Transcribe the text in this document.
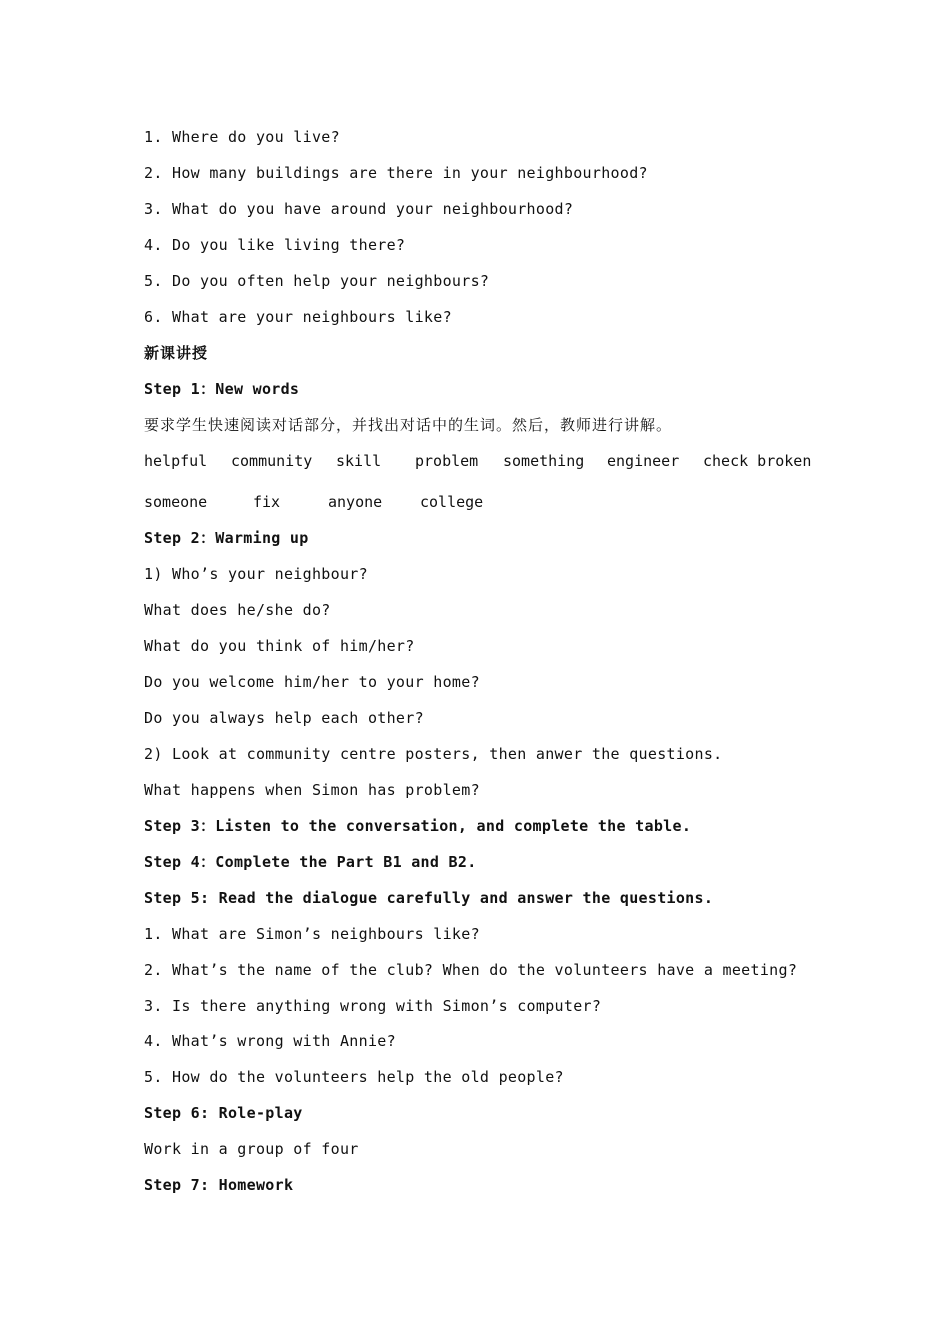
1. Where do you live?
2. How many buildings are there in your neighbourhood?
3. What do you have around your neighbourhood?
4. Do you like living there?
5. Do you often help your neighbours?
6. What are your neighbours like?
新课讲授
Step 1：New words
要求学生快速阅读对话部分，并找出对话中的生词。然后，教师进行讲解。
helpful community skill problem something engineer check broken
someone	fix	anyone	college
Step 2：Warming up
1) Who’s your neighbour?
What does he/she do?
What do you think of him/her?
Do you welcome him/her to your home?
Do you always help each other?
2) Look at community centre posters, then anwer the questions.
What happens when Simon has problem?
Step 3：Listen to the conversation, and complete the table.
Step 4：Complete the Part B1 and B2.
Step 5: Read the dialogue carefully and answer the questions.
1. What are Simon’s neighbours like?
2. What’s the name of the club? When do the volunteers have a meeting?
3. Is there anything wrong with Simon’s computer?
4. What’s wrong with Annie?
5. How do the volunteers help the old people?
Step 6: Role-play
Work in a group of four
Step 7: Homework
